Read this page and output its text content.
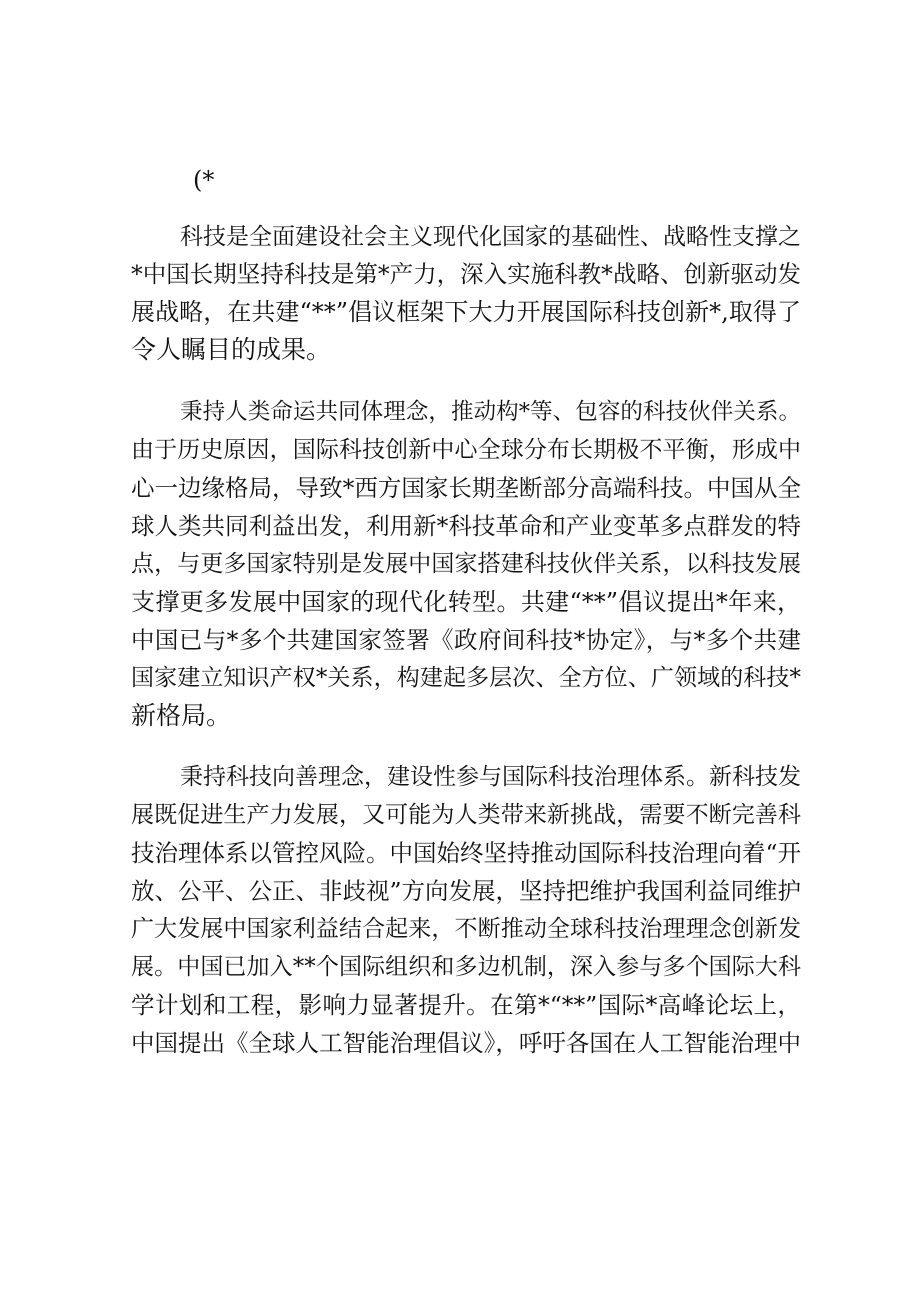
(*
科技是全面建设社会主义现代化国家的基础性、战略性支撑之
*中国长期坚持科技是第*产力，深入实施科教*战略、创新驱动发
展战略，在共建“**”倡议框架下大力开展国际科技创新*,取得了
令人瞩目的成果。
秉持人类命运共同体理念，推动构*等、包容的科技伙伴关系。
由于历史原因，国际科技创新中心全球分布长期极不平衡，形成中
心一边缘格局，导致*西方国家长期垄断部分高端科技。中国从全
球人类共同利益出发，利用新*科技革命和产业变革多点群发的特
点，与更多国家特别是发展中国家搭建科技伙伴关系，以科技发展
支撑更多发展中国家的现代化转型。共建“**”倡议提出*年来，
中国已与*多个共建国家签署《政府间科技*协定》，与*多个共建
国家建立知识产权*关系，构建起多层次、全方位、广领域的科技*
新格局。
秉持科技向善理念，建设性参与国际科技治理体系。新科技发
展既促进生产力发展，又可能为人类带来新挑战，需要不断完善科
技治理体系以管控风险。中国始终坚持推动国际科技治理向着“开
放、公平、公正、非歧视”方向发展，坚持把维护我国利益同维护
广大发展中国家利益结合起来，不断推动全球科技治理理念创新发
展。中国已加入**个国际组织和多边机制，深入参与多个国际大科
学计划和工程，影响力显著提升。在第*“**”国际*高峰论坛上，
中国提出《全球人工智能治理倡议》，呼吁各国在人工智能治理中
